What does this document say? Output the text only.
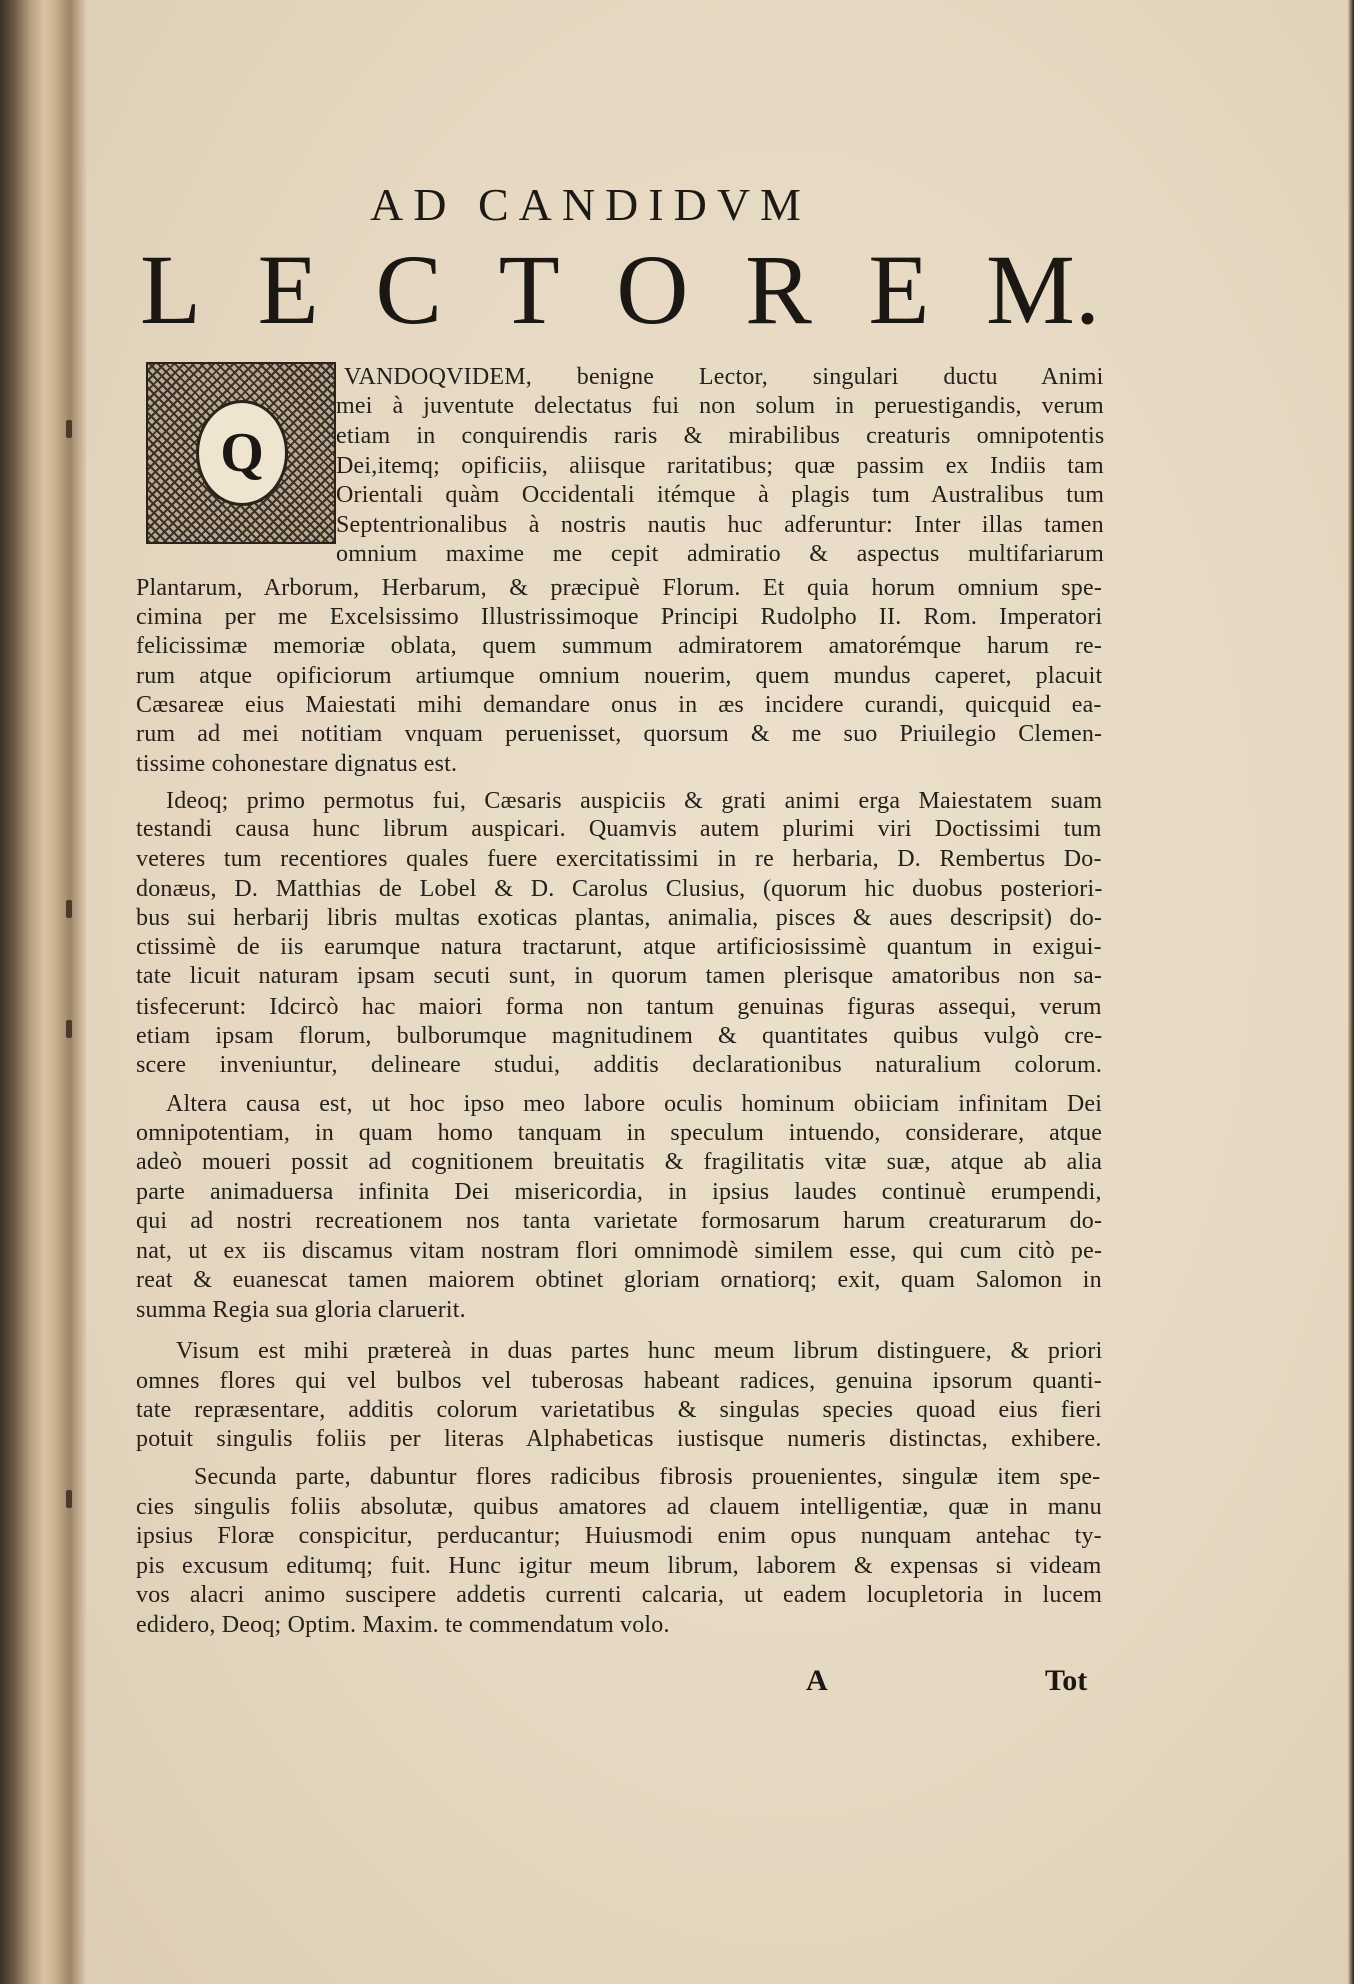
AD CANDIDVM
L E C T O R E M.
Q
VANDOQVIDEM, benigne Lector, singulari ductu Animi
mei à juventute delectatus fui non solum in peruestigandis, verum
etiam in conquirendis raris & mirabilibus creaturis omnipotentis
Dei,itemq; opificiis, aliisque raritatibus; quæ passim ex Indiis tam
Orientali quàm Occidentali itémque à plagis tum Australibus tum
Septentrionalibus à nostris nautis huc adferuntur: Inter illas tamen
omnium maxime me cepit admiratio & aspectus multifariarum
Plantarum, Arborum, Herbarum, & præcipuè Florum. Et quia horum omnium spe-
cimina per me Excelsissimo Illustrissimoque Principi Rudolpho II. Rom. Imperatori
felicissimæ memoriæ oblata, quem summum admiratorem amatorémque harum re-
rum atque opificiorum artiumque omnium nouerim, quem mundus caperet, placuit
Cæsareæ eius Maiestati mihi demandare onus in æs incidere curandi, quicquid ea-
rum ad mei notitiam vnquam peruenisset, quorsum & me suo Priuilegio Clemen-
tissime cohonestare dignatus est.
Ideoq; primo permotus fui, Cæsaris auspiciis & grati animi erga Maiestatem suam
testandi causa hunc librum auspicari. Quamvis autem plurimi viri Doctissimi tum
veteres tum recentiores quales fuere exercitatissimi in re herbaria, D. Rembertus Do-
donæus, D. Matthias de Lobel & D. Carolus Clusius, (quorum hic duobus posteriori-
bus sui herbarij libris multas exoticas plantas, animalia, pisces & aues descripsit) do-
ctissimè de iis earumque natura tractarunt, atque artificiosissimè quantum in exigui-
tate licuit naturam ipsam secuti sunt, in quorum tamen plerisque amatoribus non sa-
tisfecerunt: Idcircò hac maiori forma non tantum genuinas figuras assequi, verum
etiam ipsam florum, bulborumque magnitudinem & quantitates quibus vulgò cre-
scere inveniuntur, delineare studui, additis declarationibus naturalium colorum.
Altera causa est, ut hoc ipso meo labore oculis hominum obiiciam infinitam Dei
omnipotentiam, in quam homo tanquam in speculum intuendo, considerare, atque
adeò moueri possit ad cognitionem breuitatis & fragilitatis vitæ suæ, atque ab alia
parte animaduersa infinita Dei misericordia, in ipsius laudes continuè erumpendi,
qui ad nostri recreationem nos tanta varietate formosarum harum creaturarum do-
nat, ut ex iis discamus vitam nostram flori omnimodè similem esse, qui cum citò pe-
reat & euanescat tamen maiorem obtinet gloriam ornatiorq; exit, quam Salomon in
summa Regia sua gloria claruerit.
Visum est mihi prætereà in duas partes hunc meum librum distinguere, & priori
omnes flores qui vel bulbos vel tuberosas habeant radices, genuina ipsorum quanti-
tate repræsentare, additis colorum varietatibus & singulas species quoad eius fieri
potuit singulis foliis per literas Alphabeticas iustisque numeris distinctas, exhibere.
Secunda parte, dabuntur flores radicibus fibrosis prouenientes, singulæ item spe-
cies singulis foliis absolutæ, quibus amatores ad clauem intelligentiæ, quæ in manu
ipsius Floræ conspicitur, perducantur; Huiusmodi enim opus nunquam antehac ty-
pis excusum editumq; fuit. Hunc igitur meum librum, laborem & expensas si videam
vos alacri animo suscipere addetis currenti calcaria, ut eadem locupletoria in lucem
edidero, Deoq; Optim. Maxim. te commendatum volo.
A	Tot
